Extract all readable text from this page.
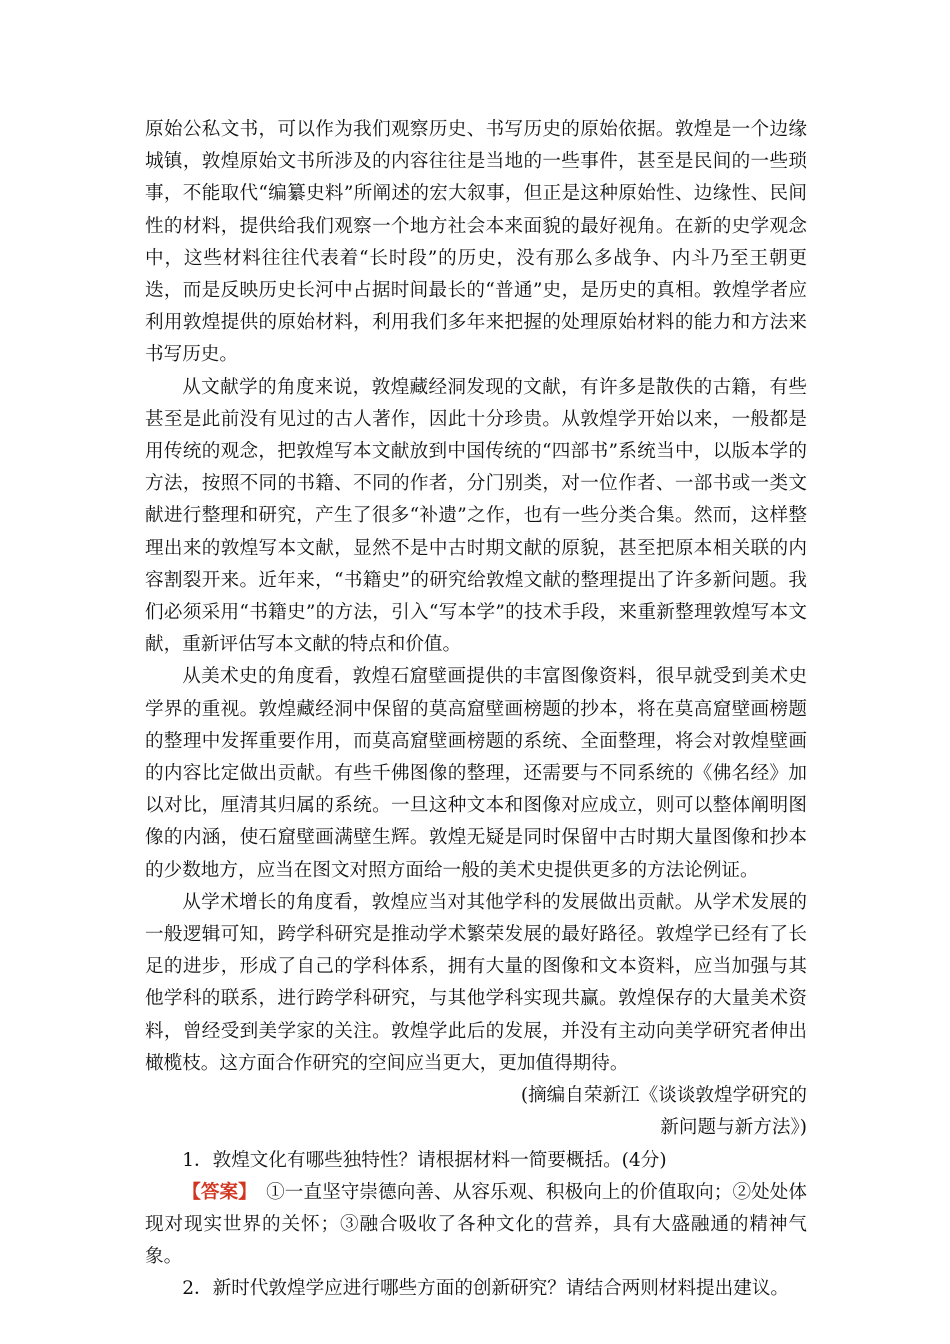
原始公私文书，可以作为我们观察历史、书写历史的原始依据。敦煌是一个边缘城镇，敦煌原始文书所涉及的内容往往是当地的一些事件，甚至是民间的一些琐事，不能取代“编纂史料”所阐述的宏大叙事，但正是这种原始性、边缘性、民间性的材料，提供给我们观察一个地方社会本来面貌的最好视角。在新的史学观念中，这些材料往往代表着“长时段”的历史，没有那么多战争、内斗乃至王朝更迭，而是反映历史长河中占据时间最长的“普通”史，是历史的真相。敦煌学者应利用敦煌提供的原始材料，利用我们多年来把握的处理原始材料的能力和方法来书写历史。

从文献学的角度来说，敦煌藏经洞发现的文献，有许多是散佚的古籍，有些甚至是此前没有见过的古人著作，因此十分珍贵。从敦煌学开始以来，一般都是用传统的观念，把敦煌写本文献放到中国传统的“四部书”系统当中，以版本学的方法，按照不同的书籍、不同的作者，分门别类，对一位作者、一部书或一类文献进行整理和研究，产生了很多“补遗”之作，也有一些分类合集。然而，这样整理出来的敦煌写本文献，显然不是中古时期文献的原貌，甚至把原本相关联的内容割裂开来。近年来，“书籍史”的研究给敦煌文献的整理提出了许多新问题。我们必须采用“书籍史”的方法，引入“写本学”的技术手段，来重新整理敦煌写本文献，重新评估写本文献的特点和价值。

从美术史的角度看，敦煌石窟壁画提供的丰富图像资料，很早就受到美术史学界的重视。敦煌藏经洞中保留的莫高窟壁画榜题的抄本，将在莫高窟壁画榜题的整理中发挥重要作用，而莫高窟壁画榜题的系统、全面整理，将会对敦煌壁画的内容比定做出贡献。有些千佛图像的整理，还需要与不同系统的《佛名经》加以对比，厘清其归属的系统。一旦这种文本和图像对应成立，则可以整体阐明图像的内涵，使石窟壁画满壁生辉。敦煌无疑是同时保留中古时期大量图像和抄本的少数地方，应当在图文对照方面给一般的美术史提供更多的方法论例证。

从学术增长的角度看，敦煌应当对其他学科的发展做出贡献。从学术发展的一般逻辑可知，跨学科研究是推动学术繁荣发展的最好路径。敦煌学已经有了长足的进步，形成了自己的学科体系，拥有大量的图像和文本资料，应当加强与其他学科的联系，进行跨学科研究，与其他学科实现共赢。敦煌保存的大量美术资料，曾经受到美学家的关注。敦煌学此后的发展，并没有主动向美学研究者伸出橄榄枝。这方面合作研究的空间应当更大，更加值得期待。

(摘编自荣新江《谈谈敦煌学研究的

新问题与新方法》)

1．敦煌文化有哪些独特性？请根据材料一简要概括。(4分)

【答案】　①一直坚守崇德向善、从容乐观、积极向上的价值取向；②处处体现对现实世界的关怀；③融合吸收了各种文化的营养，具有大盛融通的精神气象。

2．新时代敦煌学应进行哪些方面的创新研究？请结合两则材料提出建议。
